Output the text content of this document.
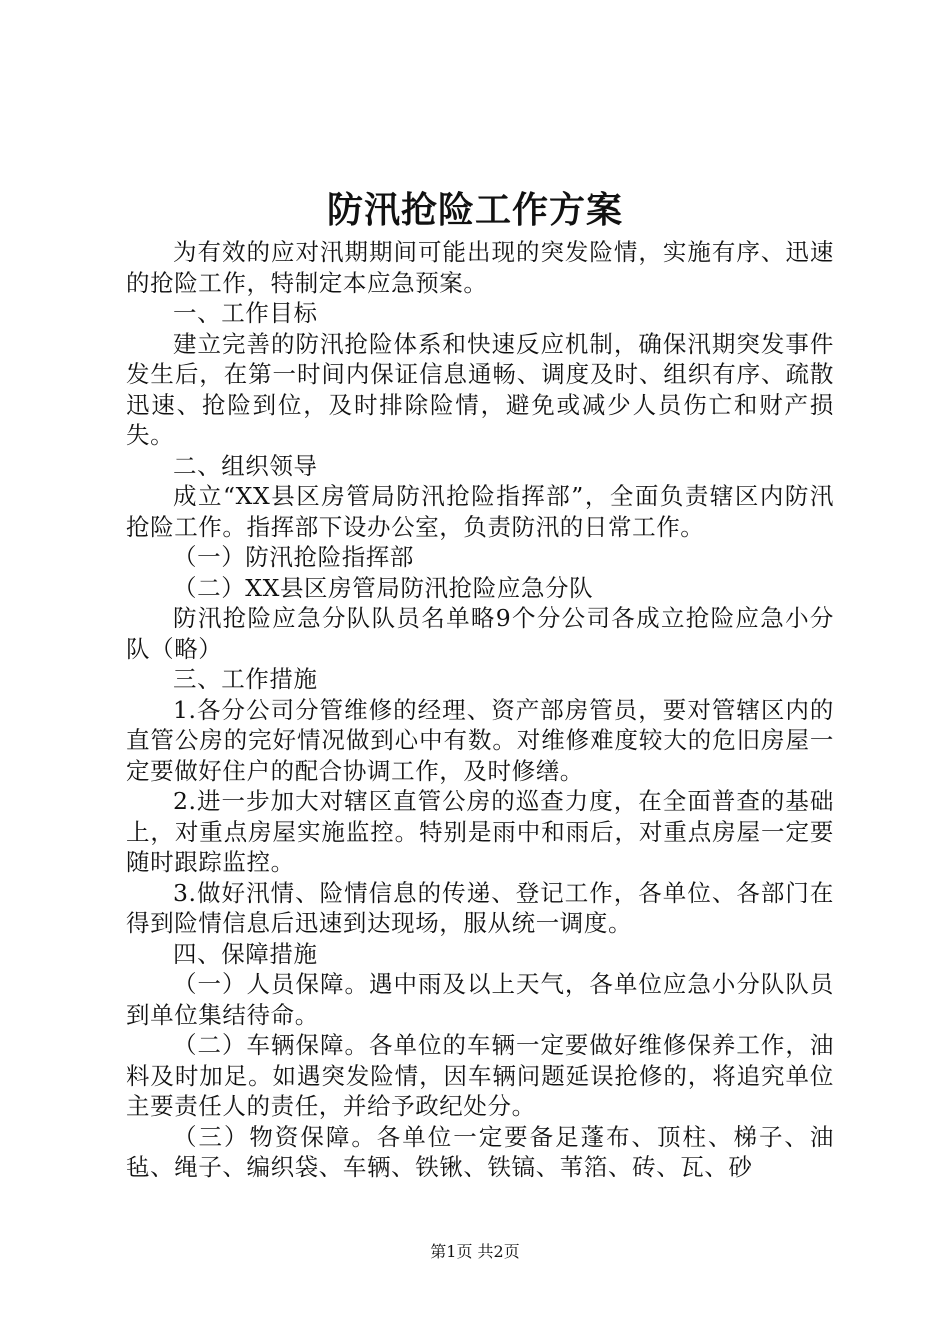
防汛抢险工作方案

为有效的应对汛期期间可能出现的突发险情，实施有序、迅速的抢险工作，特制定本应急预案。

一、工作目标

建立完善的防汛抢险体系和快速反应机制，确保汛期突发事件发生后，在第一时间内保证信息通畅、调度及时、组织有序、疏散迅速、抢险到位，及时排除险情，避免或减少人员伤亡和财产损失。

二、组织领导

成立“XX县区房管局防汛抢险指挥部”，全面负责辖区内防汛抢险工作。指挥部下设办公室，负责防汛的日常工作。

（一）防汛抢险指挥部

（二）XX县区房管局防汛抢险应急分队

防汛抢险应急分队队员名单略9个分公司各成立抢险应急小分队（略）

三、工作措施

1.各分公司分管维修的经理、资产部房管员，要对管辖区内的直管公房的完好情况做到心中有数。对维修难度较大的危旧房屋一定要做好住户的配合协调工作，及时修缮。

2.进一步加大对辖区直管公房的巡查力度，在全面普查的基础上，对重点房屋实施监控。特别是雨中和雨后，对重点房屋一定要随时跟踪监控。

3.做好汛情、险情信息的传递、登记工作，各单位、各部门在得到险情信息后迅速到达现场，服从统一调度。

四、保障措施

（一）人员保障。遇中雨及以上天气，各单位应急小分队队员到单位集结待命。

（二）车辆保障。各单位的车辆一定要做好维修保养工作，油料及时加足。如遇突发险情，因车辆问题延误抢修的，将追究单位主要责任人的责任，并给予政纪处分。

（三）物资保障。各单位一定要备足蓬布、顶柱、梯子、油毡、绳子、编织袋、车辆、铁锹、铁镐、苇箔、砖、瓦、砂

第1页 共2页
